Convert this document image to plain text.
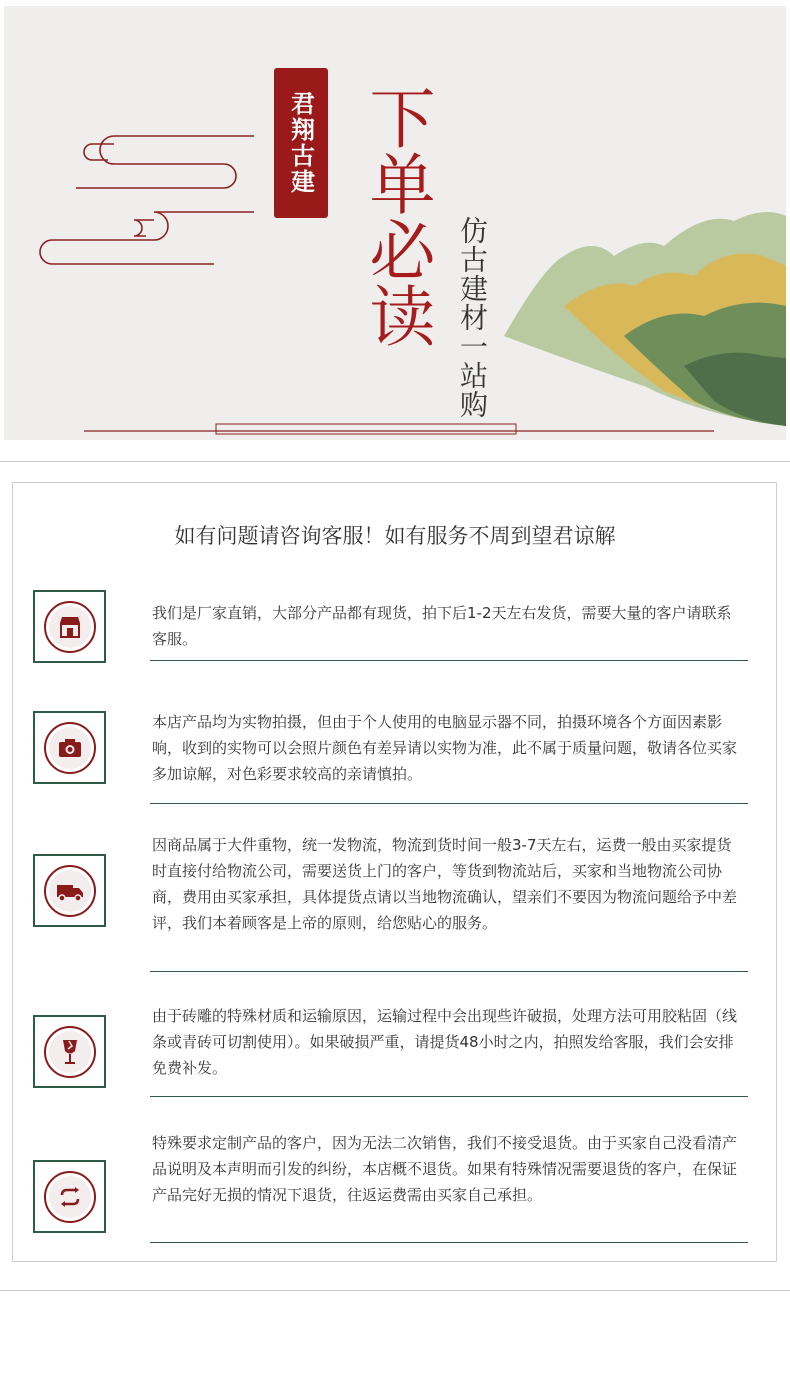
君翔古建 下单必读 仿古建材一站购
如有问题请咨询客服！如有服务不周到望君谅解
我们是厂家直销，大部分产品都有现货，拍下后1-2天左右发货，需要大量的客户请联系客服。
本店产品均为实物拍摄，但由于个人使用的电脑显示器不同，拍摄环境各个方面因素影响，收到的实物可以会照片颜色有差异请以实物为准，此不属于质量问题，敬请各位买家多加谅解，对色彩要求较高的亲请慎拍。
因商品属于大件重物，统一发物流，物流到货时间一般3-7天左右，运费一般由买家提货时直接付给物流公司，需要送货上门的客户，等货到物流站后，买家和当地物流公司协商，费用由买家承担，具体提货点请以当地物流确认，望亲们不要因为物流问题给予中差评，我们本着顾客是上帝的原则，给您贴心的服务。
由于砖雕的特殊材质和运输原因，运输过程中会出现些许破损，处理方法可用胶粘固（线条或青砖可切割使用）。如果破损严重，请提货48小时之内，拍照发给客服，我们会安排免费补发。
特殊要求定制产品的客户，因为无法二次销售，我们不接受退货。由于买家自己没看清产品说明及本声明而引发的纠纷，本店概不退货。如果有特殊情况需要退货的客户，在保证产品完好无损的情况下退货，往返运费需由买家自己承担。
